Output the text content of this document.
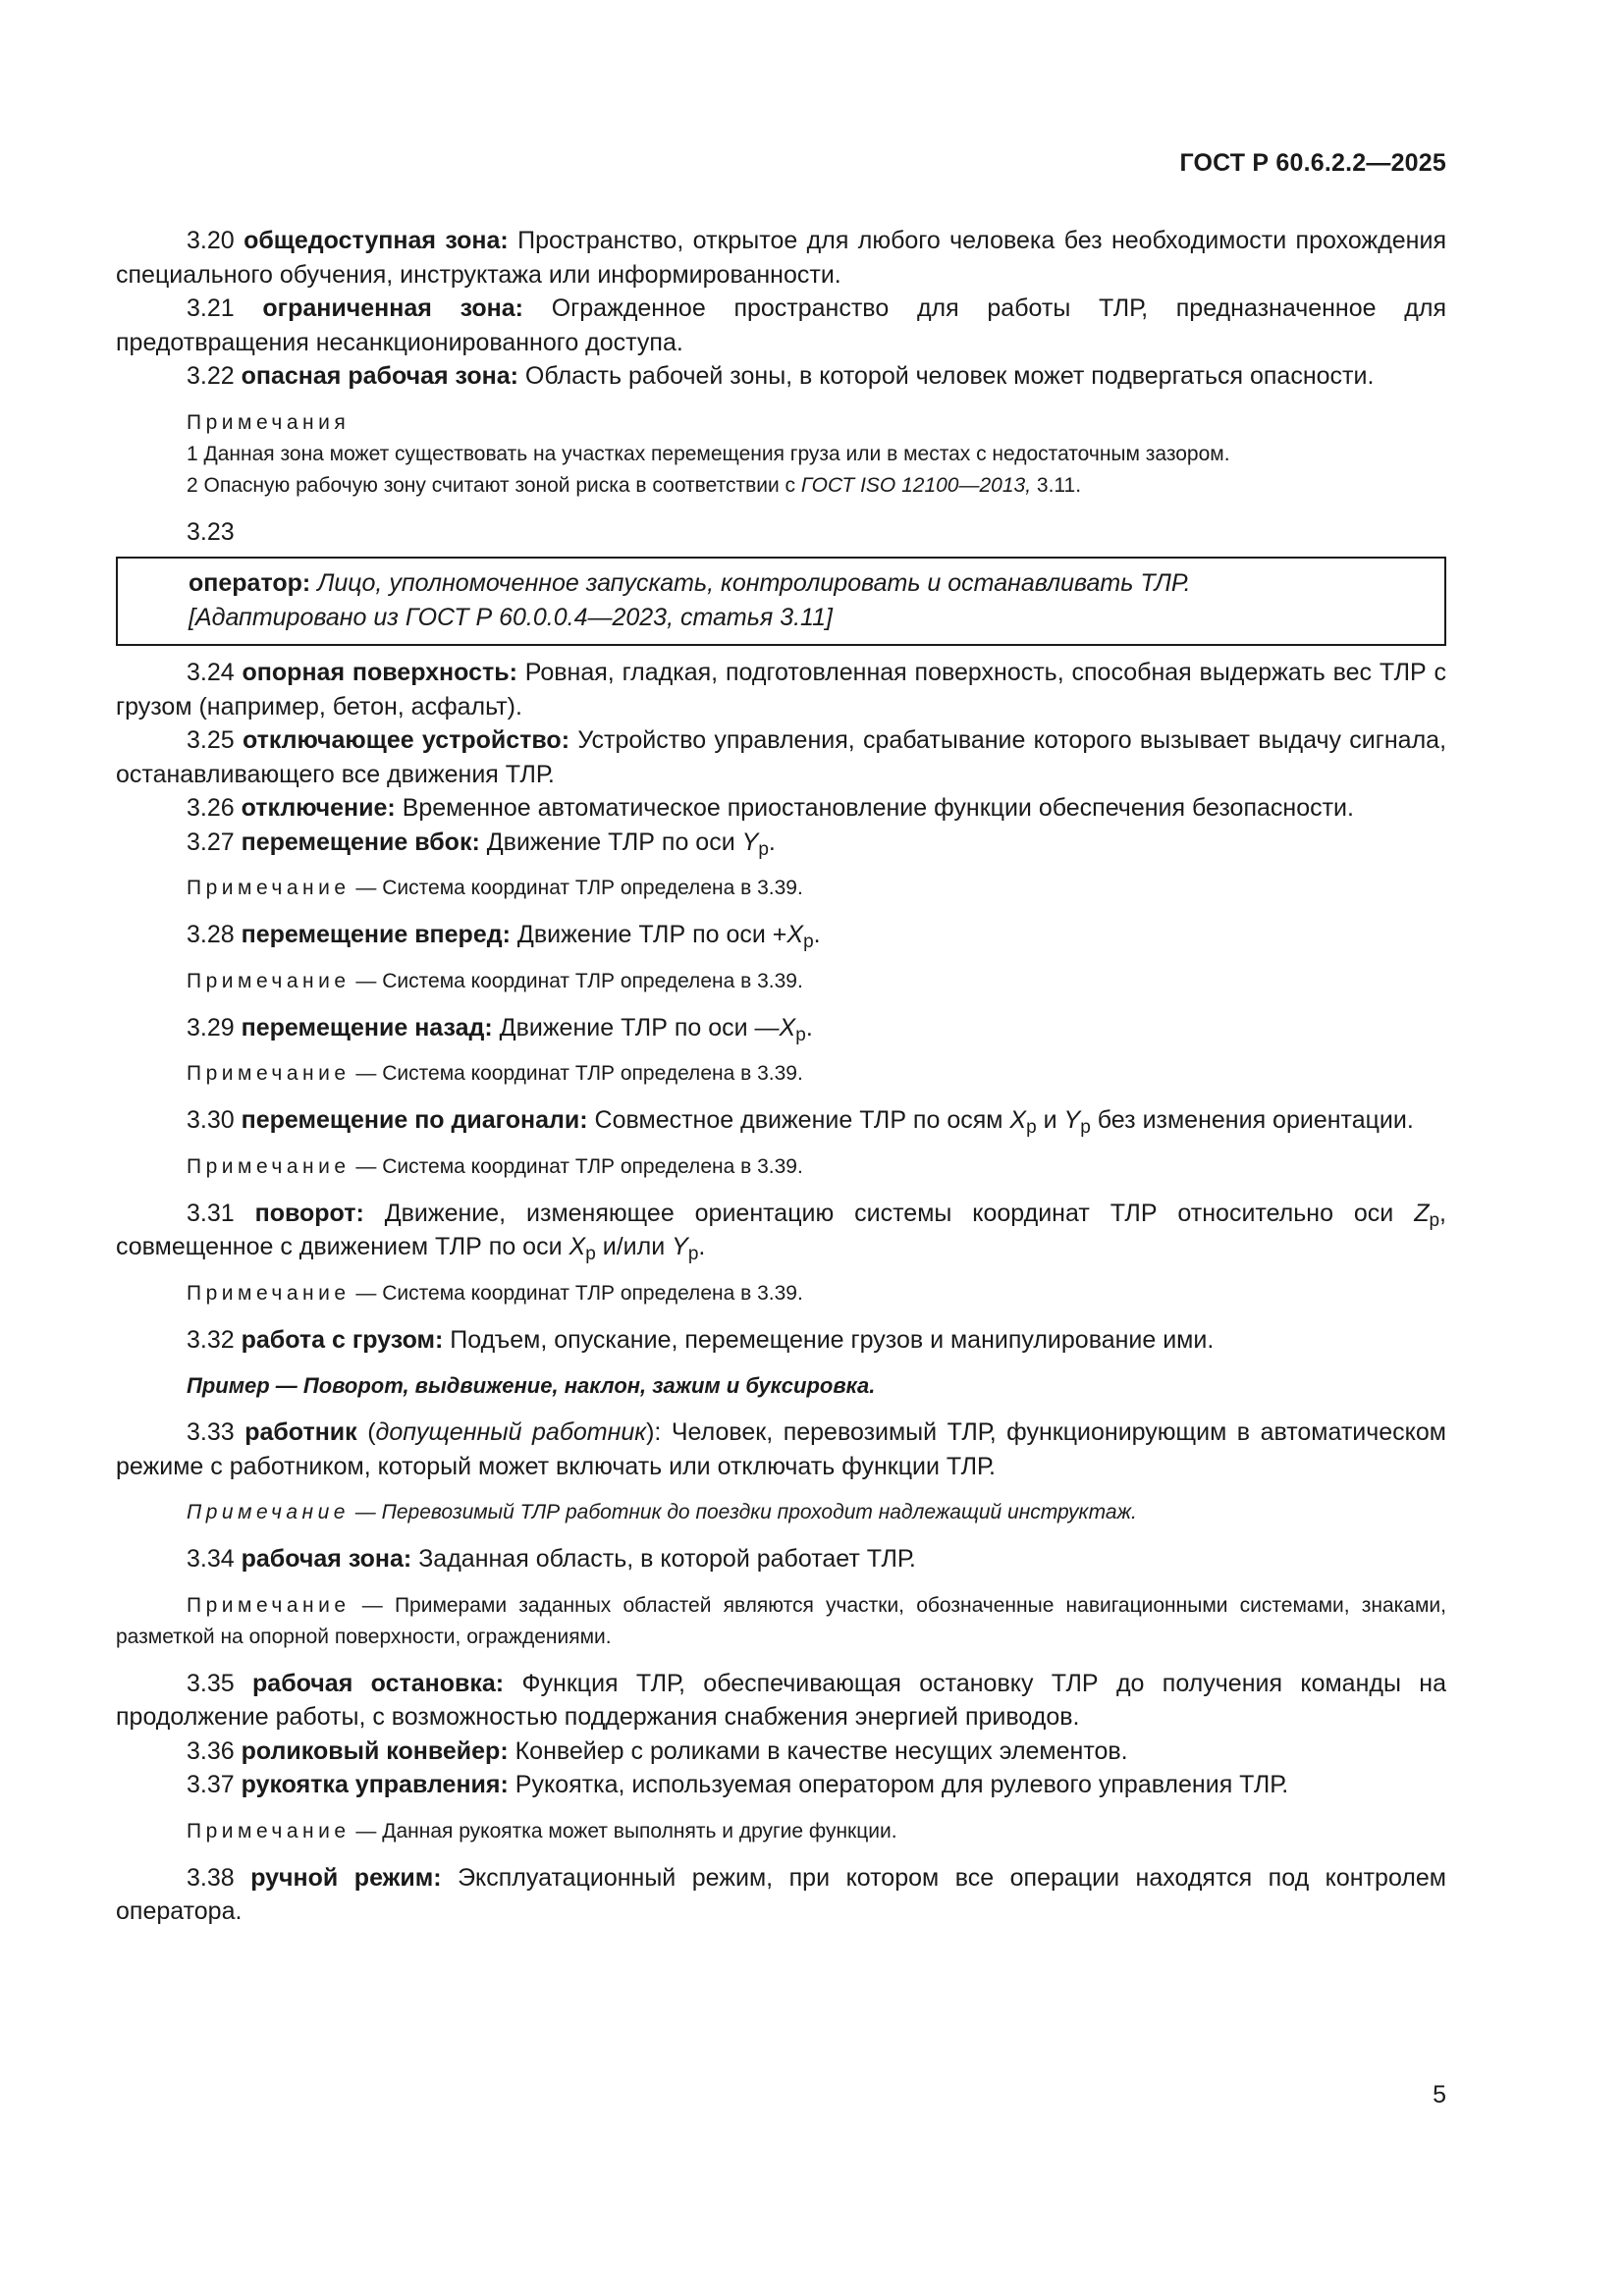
ГОСТ Р 60.6.2.2—2025

3.20 общедоступная зона: Пространство, открытое для любого человека без необходимости прохождения специального обучения, инструктажа или информированности.

3.21 ограниченная зона: Огражденное пространство для работы ТЛР, предназначенное для предотвращения несанкционированного доступа.

3.22 опасная рабочая зона: Область рабочей зоны, в которой человек может подвергаться опасности.

Примечания
1 Данная зона может существовать на участках перемещения груза или в местах с недостаточным зазором.
2 Опасную рабочую зону считают зоной риска в соответствии с ГОСТ ISO 12100—2013, 3.11.
3.23
оператор: Лицо, уполномоченное запускать, контролировать и останавливать ТЛР.
[Адаптировано из ГОСТ Р 60.0.0.4—2023, статья 3.11]

3.24 опорная поверхность: Ровная, гладкая, подготовленная поверхность, способная выдержать вес ТЛР с грузом (например, бетон, асфальт).

3.25 отключающее устройство: Устройство управления, срабатывание которого вызывает выдачу сигнала, останавливающего все движения ТЛР.

3.26 отключение: Временное автоматическое приостановление функции обеспечения безопасности.

3.27 перемещение вбок: Движение ТЛР по оси $Y_р$.

Примечание — Система координат ТЛР определена в 3.39.

3.28 перемещение вперед: Движение ТЛР по оси $+X_р$.

Примечание — Система координат ТЛР определена в 3.39.

3.29 перемещение назад: Движение ТЛР по оси $—X_р$.

Примечание — Система координат ТЛР определена в 3.39.

3.30 перемещение по диагонали: Совместное движение ТЛР по осям $X_р$ и $Y_р$ без изменения ориентации.

Примечание — Система координат ТЛР определена в 3.39.

3.31 поворот: Движение, изменяющее ориентацию системы координат ТЛР относительно оси $Z_р$, совмещенное с движением ТЛР по оси $X_р$ и/или $Y_р$.

Примечание — Система координат ТЛР определена в 3.39.

3.32 работа с грузом: Подъем, опускание, перемещение грузов и манипулирование ими.

Пример — Поворот, выдвижение, наклон, зажим и буксировка.

3.33 работник (допущенный работник): Человек, перевозимый ТЛР, функционирующим в автоматическом режиме с работником, который может включать или отключать функции ТЛР.

Примечание — Перевозимый ТЛР работник до поездки проходит надлежащий инструктаж.

3.34 рабочая зона: Заданная область, в которой работает ТЛР.

Примечание — Примерами заданных областей являются участки, обозначенные навигационными системами, знаками, разметкой на опорной поверхности, ограждениями.

3.35 рабочая остановка: Функция ТЛР, обеспечивающая остановку ТЛР до получения команды на продолжение работы, с возможностью поддержания снабжения энергией приводов.

3.36 роликовый конвейер: Конвейер с роликами в качестве несущих элементов.

3.37 рукоятка управления: Рукоятка, используемая оператором для рулевого управления ТЛР.

Примечание — Данная рукоятка может выполнять и другие функции.

3.38 ручной режим: Эксплуатационный режим, при котором все операции находятся под контролем оператора.

5
